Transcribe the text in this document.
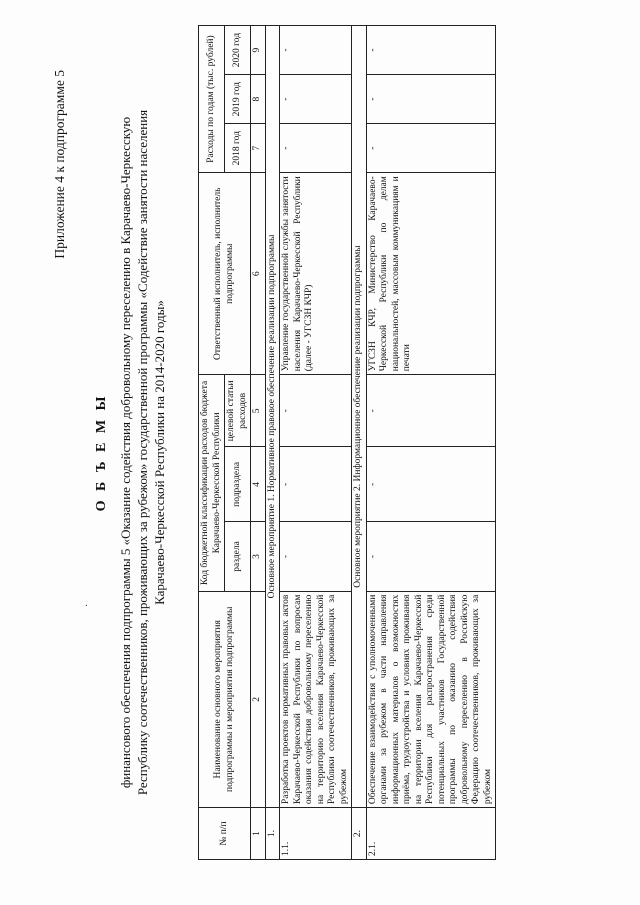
·
Приложение 4 к подпрограмме 5
О Б Ъ Е М Ы финансового обеспечения подпрограммы 5 «Оказание содействия добровольному переселению в Карачаево-Черкесскую Республику соотечественников, проживающих за рубежом» государственной программы «Содействие занятости населения Карачаево-Черкесской Республики на 2014-2020 годы»
№ п/п	Наименование основного мероприятия подпрограммы и мероприятия подпрограммы	Код бюджетной классификации расходов бюджета Карачаево-Черкесской Республики			Ответственный исполнитель, исполнитель подпрограммы	Расходы по годам (тыс. рублей)		
		раздела	подраздела	целевой статьи расходов		2018 год	2019 год	2020 год
1	2	3	4	5	6	7	8	9
1.	Основное мероприятие 1. Нормативное правовое обеспечение реализации подпрограммы							
1.1.	Разработка проектов нормативных правовых актов Карачаево-Черкесской Республики по вопросам оказания содействия добровольному переселению на территорию вселения Карачаево-Черкесской Республики соотечественников, проживающих за рубежом	-	-	-	Управление государственной службы занятости населения Карачаево-Черкесской Республики (далее - УГСЗН КЧР)	-	-	-
2.	Основное мероприятие 2. Информационное обеспечение реализации подпрограммы							
2.1.	Обеспечение взаимодействия с уполномоченными органами за рубежом в части направления информационных материалов о возможностях приёма, трудоустройства и условиях проживания на территории вселения Карачаево-Черкесской Республики для распространения среди потенциальных участников Государственной программы по оказанию содействия добровольному переселению в Российскую Федерацию соотечественников, проживающих за рубежом	-	-	-	УГСЗН КЧР, Министерство Карачаево-Черкесской Республики по делам национальностей, массовым коммуникациям и печати	-	-	-
